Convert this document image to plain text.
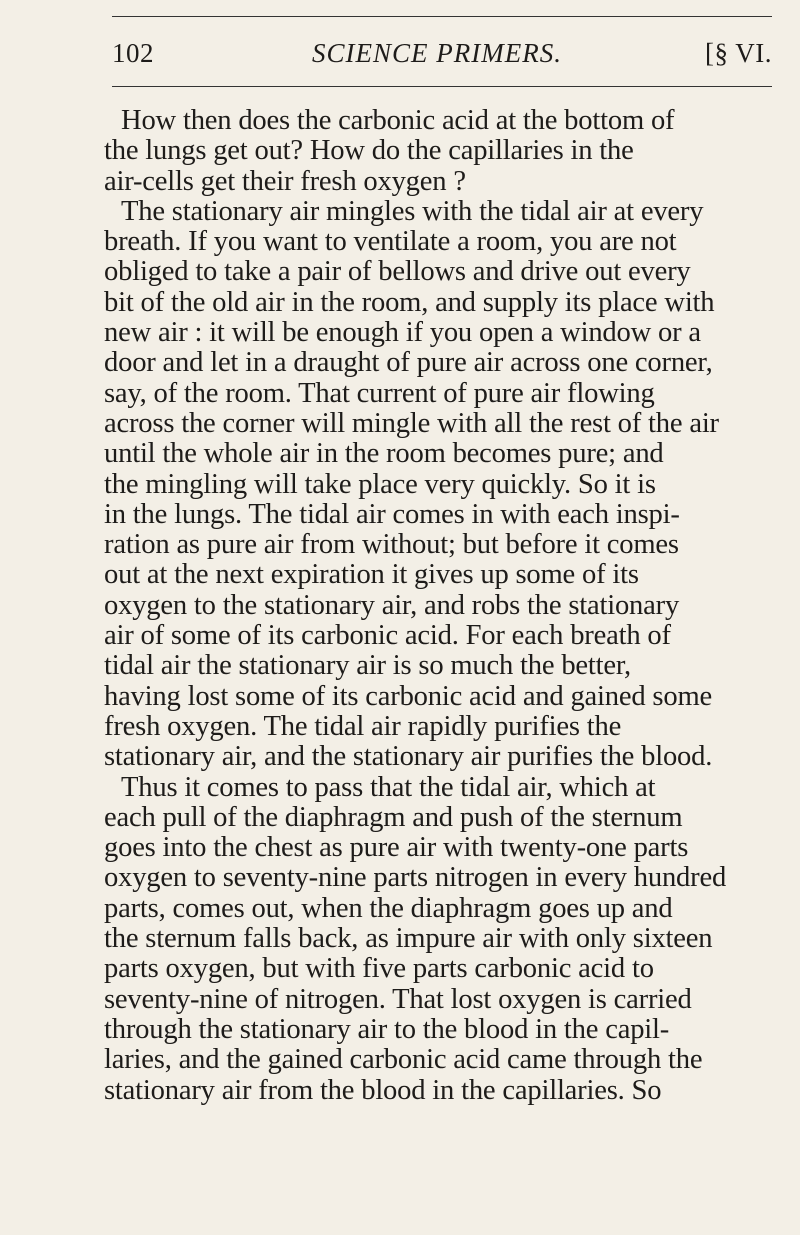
102	SCIENCE PRIMERS.	[§ VI.
How then does the carbonic acid at the bottom of
the lungs get out? How do the capillaries in the
air-cells get their fresh oxygen ?
The stationary air mingles with the tidal air at every
breath. If you want to ventilate a room, you are not
obliged to take a pair of bellows and drive out every
bit of the old air in the room, and supply its place with
new air : it will be enough if you open a window or a
door and let in a draught of pure air across one corner,
say, of the room. That current of pure air flowing
across the corner will mingle with all the rest of the air
until the whole air in the room becomes pure; and
the mingling will take place very quickly. So it is
in the lungs. The tidal air comes in with each inspi-
ration as pure air from without; but before it comes
out at the next expiration it gives up some of its
oxygen to the stationary air, and robs the stationary
air of some of its carbonic acid. For each breath of
tidal air the stationary air is so much the better,
having lost some of its carbonic acid and gained some
fresh oxygen. The tidal air rapidly purifies the
stationary air, and the stationary air purifies the blood.
Thus it comes to pass that the tidal air, which at
each pull of the diaphragm and push of the sternum
goes into the chest as pure air with twenty-one parts
oxygen to seventy-nine parts nitrogen in every hundred
parts, comes out, when the diaphragm goes up and
the sternum falls back, as impure air with only sixteen
parts oxygen, but with five parts carbonic acid to
seventy-nine of nitrogen. That lost oxygen is carried
through the stationary air to the blood in the capil-
laries, and the gained carbonic acid came through the
stationary air from the blood in the capillaries. So
